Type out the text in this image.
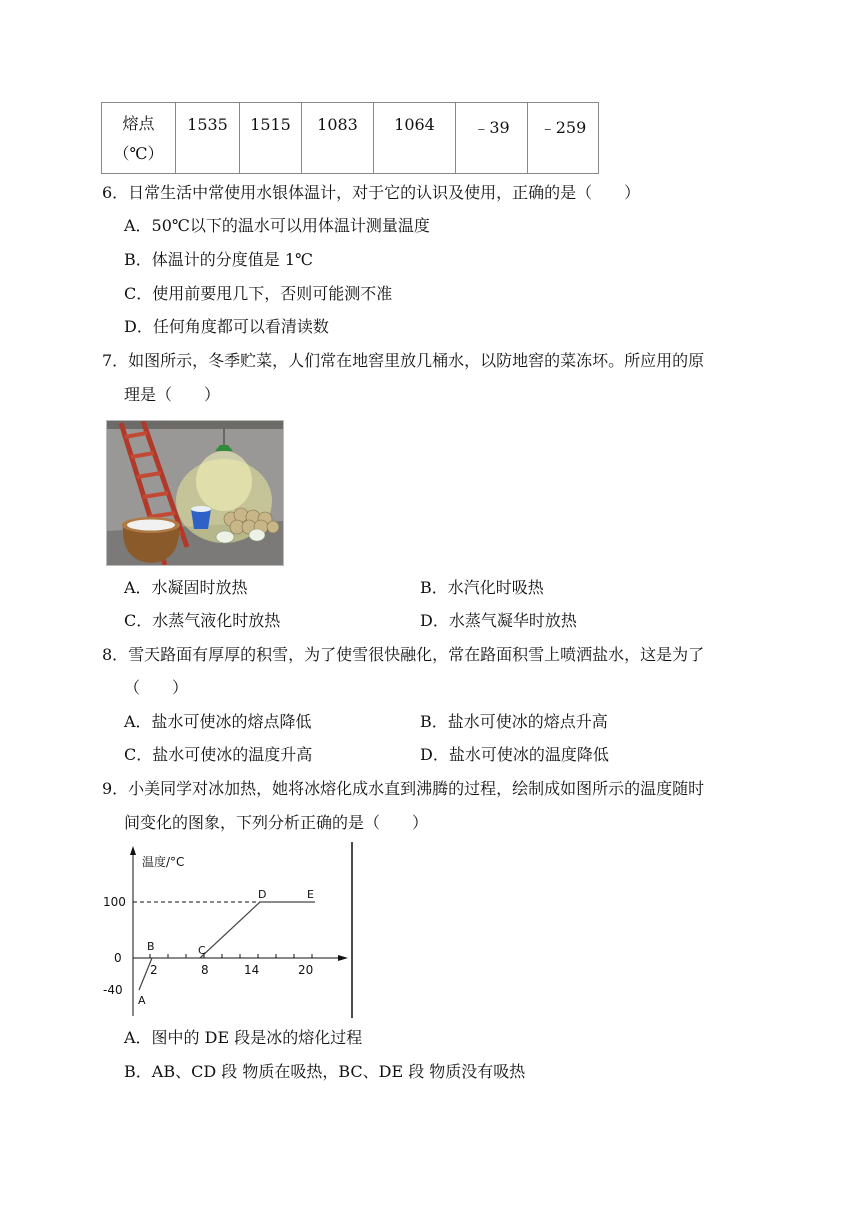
熔点
（℃）
	1535	1515	1083	1064	﹣39	﹣259
6．日常生活中常使用水银体温计，对于它的认识及使用，正确的是（　　）
A．50℃以下的温水可以用体温计测量温度
B．体温计的分度值是 1℃
C．使用前要甩几下，否则可能测不准
D．任何角度都可以看清读数
7．如图所示，冬季贮菜，人们常在地窖里放几桶水，以防地窖的菜冻坏。所应用的原
理是（　　）
A．水凝固时放热	B．水汽化时吸热
C．水蒸气液化时放热	D．水蒸气凝华时放热
8．雪天路面有厚厚的积雪，为了使雪很快融化，常在路面积雪上喷洒盐水，这是为了
（　　）
A．盐水可使冰的熔点降低	B．盐水可使冰的熔点升高
C．盐水可使冰的温度升高	D．盐水可使冰的温度降低
9．小美同学对冰加热，她将冰熔化成水直到沸腾的过程，绘制成如图所示的温度随时
间变化的图象，下列分析正确的是（　　）
温度/°C
100
0
-40
2	8	14	20
A
B	C
D	E
A．图中的 DE 段是冰的熔化过程
B．AB、CD 段 物质在吸热，BC、DE 段 物质没有吸热
